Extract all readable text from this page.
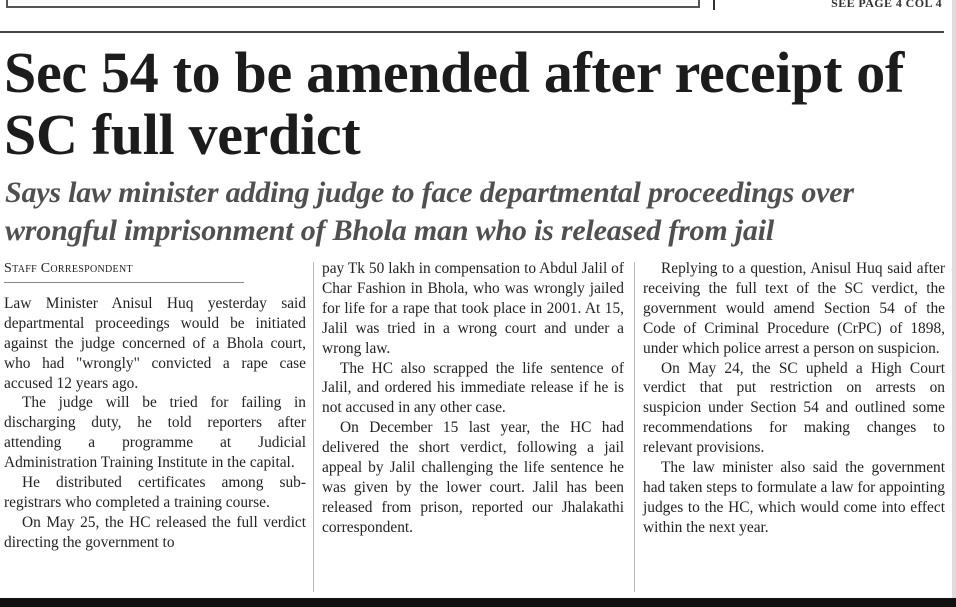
SEE PAGE 4 COL 4
Sec 54 to be amended after receipt of SC full verdict
Says law minister adding judge to face departmental proceedings over wrongful imprisonment of Bhola man who is released from jail
Staff Correspondent

Law Minister Anisul Huq yesterday said departmental proceedings would be initiated against the judge concerned of a Bhola court, who had "wrongly" convicted a rape case accused 12 years ago.

The judge will be tried for failing in discharging duty, he told reporters after attending a programme at Judicial Administration Training Institute in the capital.

He distributed certificates among sub-registrars who completed a training course.

On May 25, the HC released the full verdict directing the government to

pay Tk 50 lakh in compensation to Abdul Jalil of Char Fashion in Bhola, who was wrongly jailed for life for a rape that took place in 2001. At 15, Jalil was tried in a wrong court and under a wrong law.

The HC also scrapped the life sentence of Jalil, and ordered his immediate release if he is not accused in any other case.

On December 15 last year, the HC had delivered the short verdict, following a jail appeal by Jalil challenging the life sentence he was given by the lower court. Jalil has been released from prison, reported our Jhalakathi correspondent.

Replying to a question, Anisul Huq said after receiving the full text of the SC verdict, the government would amend Section 54 of the Code of Criminal Procedure (CrPC) of 1898, under which police arrest a person on suspicion.

On May 24, the SC upheld a High Court verdict that put restriction on arrests on suspicion under Section 54 and outlined some recommendations for making changes to relevant provisions.

The law minister also said the government had taken steps to formulate a law for appointing judges to the HC, which would come into effect within the next year.
